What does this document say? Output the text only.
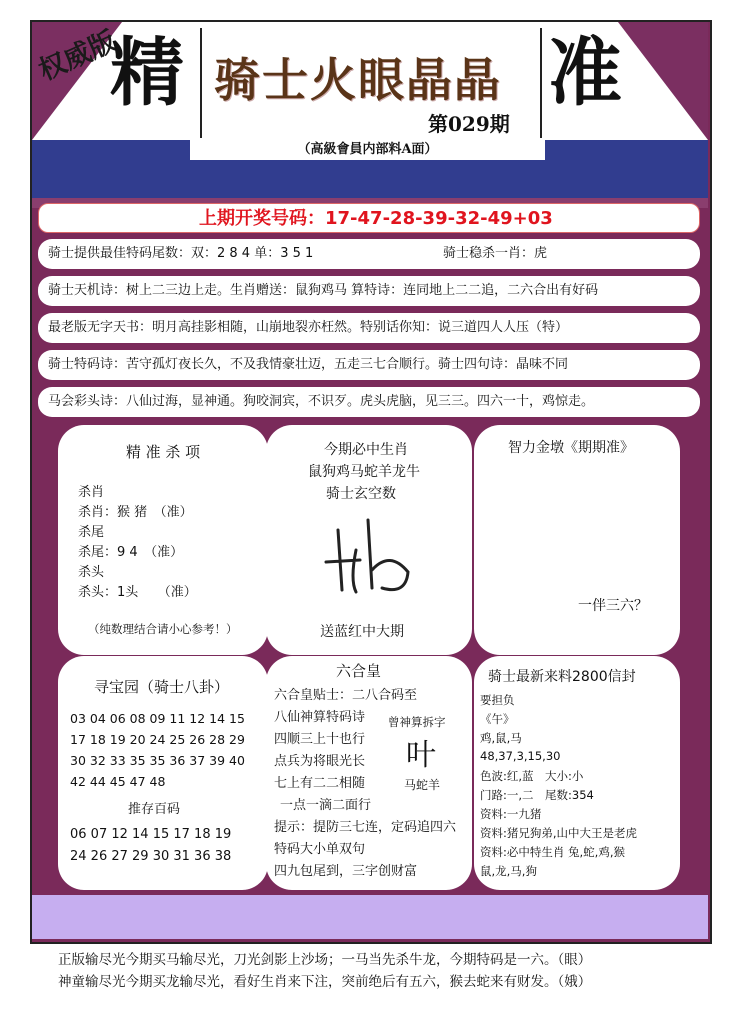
权威版
精 骑士火眼晶晶
第029期
准
（高級會員内部料A面）
上期开奖号码：17-47-28-39-32-49+03
骑士提供最佳特码尾数：双：2 8 4 单：3 5 1	骑士稳杀一肖：虎
骑士天机诗：树上二三边上走。生肖赠送：鼠狗鸡马 算特诗：连同地上二二追，二六合出有好码
最老版无字天书：明月高挂影相随，山崩地裂亦枉然。特别话你知：说三道四人人压（特）
骑士特码诗：苦守孤灯夜长久，不及我情豪壮迈，五走三七合顺行。骑士四句诗：晶味不同
马会彩头诗：八仙过海，显神通。狗咬洞宾，不识歹。虎头虎脑，见三三。四六一十，鸡惊走。
精 准 杀 项
杀肖
杀肖：猴 猪　（准）
杀尾
杀尾：9 4　（准）
杀头
杀头：1头　　（准）
（纯数理结合请小心参考！）
今期必中生肖
鼠狗鸡马蛇羊龙牛
骑士玄空数
送蓝红中大期
智力金墩《期期准》
一伴三六？
寻宝园（骑士八卦）
03 04 06 08 09 11 12 14 15
17 18 19 20 24 25 26 28 29
30 32 33 35 35 36 37 39 40
42 44 45 47 48
推存百码
06 07 12 14 15 17 18 19
24 26 27 29 30 31 36 38
六合皇
六合皇贴士：二八合码至
八仙神算特码诗
四顺三上十也行
点兵为将眼光长
七上有二二相随
一点一滴二面行
提示：提防三七连，定码追四六
特码大小单双句
四九包尾到，三字创财富
曾神算拆字
叶
马蛇羊
骑士最新来料2800信封
要担负
《午》
鸡,鼠,马
48,37,3,15,30
色波:红,蓝　大小:小
门路:一,二　尾数:354
资料:一九猪
资料:猪兄狗弟,山中大王是老虎
资料:必中特生肖 兔,蛇,鸡,猴
鼠,龙,马,狗
正版输尽光今期买马输尽光，刀光剑影上沙场；一马当先杀牛龙，今期特码是一六。（眼）
神童输尽光今期买龙输尽光，看好生肖来下注，突前绝后有五六，猴去蛇来有财发。（娥）
